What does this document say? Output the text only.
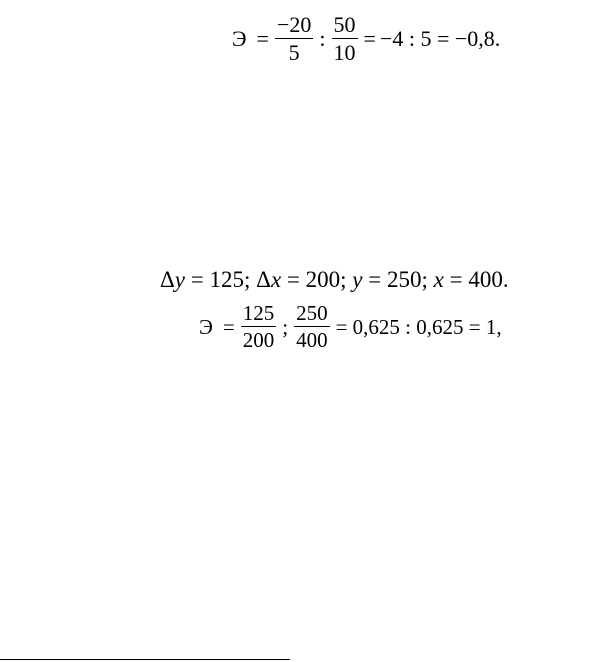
$Э = \frac{-20}{5}$ : $\frac{50}{10} = -4$ : 5 = −0,8.
Δ y = 125; Δ x = 200; y = 250; x = 400.
$Э = \frac{125}{200}$ ; $\frac{250}{400} = 0,625$ : 0,625 = 1,
